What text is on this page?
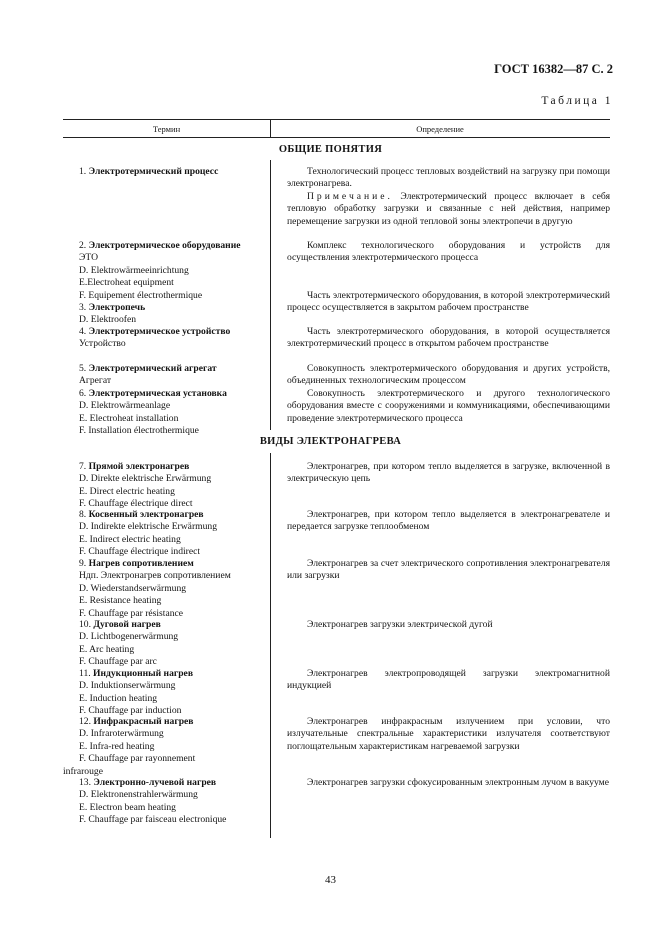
ГОСТ 16382—87 С. 2
Таблица 1
Термин	Определение
ОБЩИЕ ПОНЯТИЯ
1. Электротермический процесс	Технологический процесс тепловых воздействий на загрузку при помощи электронагрева.

Примечание. Электротермический процесс включает в себя тепловую обработку загрузки и связанные с ней действия, например перемещение загрузки из одной тепловой зоны электропечи в другую

2. Электротермическое оборудование
ЭТО
D. Elektrowärmeeinrichtung
E.Electroheat equipment
F. Equipement électrothermique

Комплекс технологического оборудования и устройств для осуществления электротермического процесса

3. Электропечь
D. Elektroofen

Часть электротермического оборудования, в которой электротермический процесс осуществляется в закрытом рабочем пространстве

4. Электротермическое устройство
Устройство

Часть электротермического оборудования, в которой осуществляется электротермический процесс в открытом рабочем пространстве

5. Электротермический агрегат
Агрегат

Совокупность электротермического оборудования и других устройств, объединенных технологическим процессом

6. Электротермическая установка
D. Elektrowärmeanlage
E. Electroheat installation
F. Installation électrothermique

Совокупность электротермического и другого технологического оборудования вместе с сооружениями и коммуникациями, обеспечивающими проведение электротермического процесса

ВИДЫ ЭЛЕКТРОНАГРЕВА
7. Прямой электронагрев
D. Direkte elektrische Erwärmung
E. Direct electric heating
F. Chauffage électrique direct

Электронагрев, при котором тепло выделяется в загрузке, включенной в электрическую цепь

8. Косвенный электронагрев
D. Indirekte elektrische Erwärmung
E. Indirect electric heating
F. Chauffage électrique indirect

Электронагрев, при котором тепло выделяется в электронагревателе и передается загрузке теплообменом

9. Нагрев сопротивлением
Ндп. Электронагрев сопротивлением
D. Wiederstandserwärmung
E. Resistance heating
F. Chauffage par résistance

Электронагрев за счет электрического сопротивления электронагревателя или загрузки

10. Дуговой нагрев
D. Lichtbogenerwärmung
E. Arc heating
F. Chauffage par arc

Электронагрев загрузки электрической дугой

11. Индукционный нагрев
D. Induktionserwärmung
E. Induction heating
F. Chauffage par induction

Электронагрев электропроводящей загрузки электромагнитной индукцией

12. Инфракрасный нагрев
D. Infraroterwärmung
E. Infra-red heating
F. Chauffage par rayonnement
infrarouge

Электронагрев инфракрасным излучением при условии, что излучательные спектральные характеристики излучателя соответствуют поглощательным характеристикам нагреваемой загрузки

13. Электронно-лучевой нагрев
D. Elektronenstrahlerwärmung
E. Electron beam heating
F. Chauffage par faisceau electronique

Электронагрев загрузки сфокусированным электронным лучом в вакууме

43
